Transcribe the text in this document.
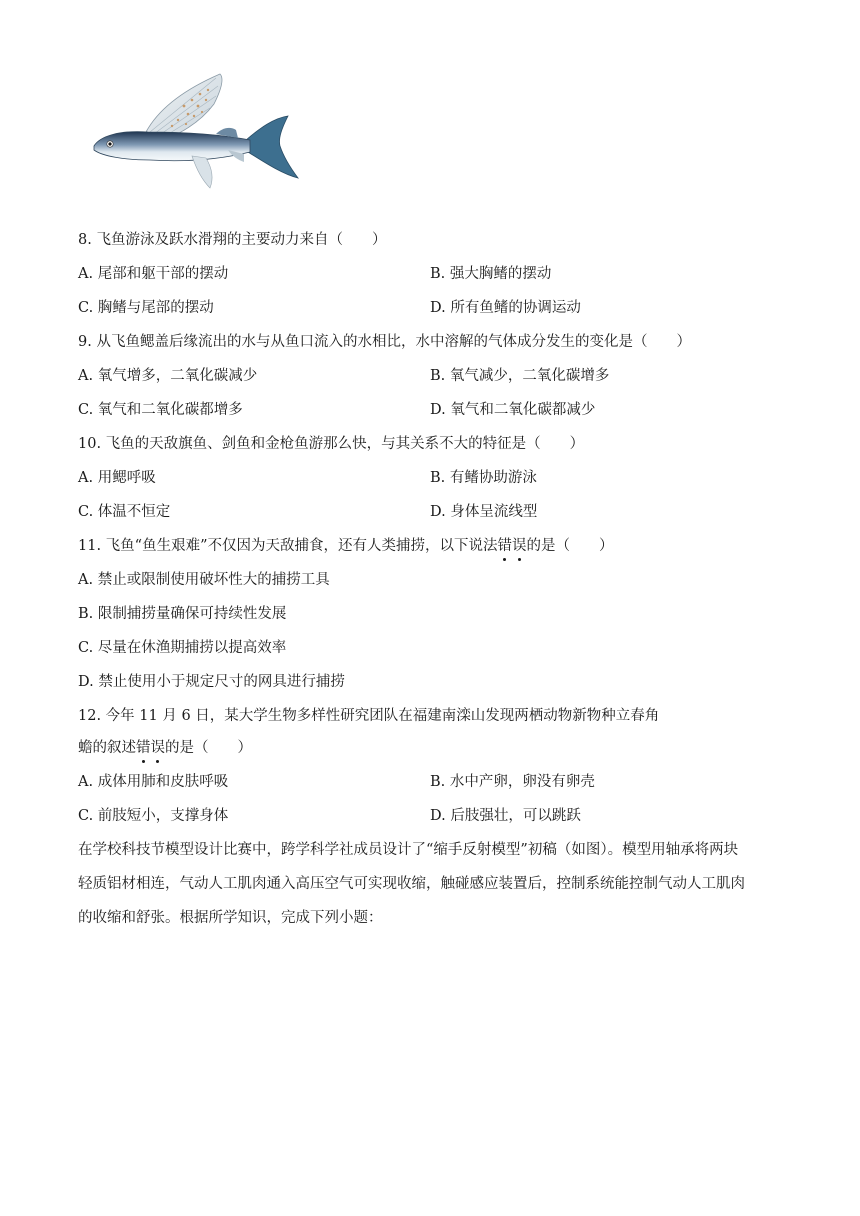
8. 飞鱼游泳及跃水滑翔的主要动力来自（　　）
A. 尾部和躯干部的摆动	B. 强大胸鳍的摆动
C. 胸鳍与尾部的摆动	D. 所有鱼鳍的协调运动
9. 从飞鱼鳃盖后缘流出的水与从鱼口流入的水相比，水中溶解的气体成分发生的变化是（　　）
A. 氧气增多，二氧化碳减少	B. 氧气减少，二氧化碳增多
C. 氧气和二氧化碳都增多	D. 氧气和二氧化碳都减少
10. 飞鱼的天敌旗鱼、剑鱼和金枪鱼游那么快，与其关系不大的特征是（　　）
A. 用鳃呼吸	B. 有鳍协助游泳
C. 体温不恒定	D. 身体呈流线型
11. 飞鱼“鱼生艰难”不仅因为天敌捕食，还有人类捕捞，以下说法错
误
的是（　　）
A. 禁止或限制使用破坏性大的捕捞工具
B. 限制捕捞量确保可持续性发展
C. 尽量在休渔期捕捞以提高效率
D. 禁止使用小于规定尺寸的网具进行捕捞
12. 今年 11 月 6 日，某大学生物多样性研究团队在福建南滦山发现两栖动物新物种立春角
蟾的叙述错
误
的是（　　）
A. 成体用肺和皮肤呼吸	B. 水中产卵，卵没有卵壳
C. 前肢短小，支撑身体	D. 后肢强壮，可以跳跃
在学校科技节模型设计比赛中，跨学科学社成员设计了“缩手反射模型”初稿（如图）。模型用轴承将两块
轻质铝材相连，气动人工肌肉通入高压空气可实现收缩，触碰感应装置后，控制系统能控制气动人工肌肉
的收缩和舒张。根据所学知识，完成下列小题：
